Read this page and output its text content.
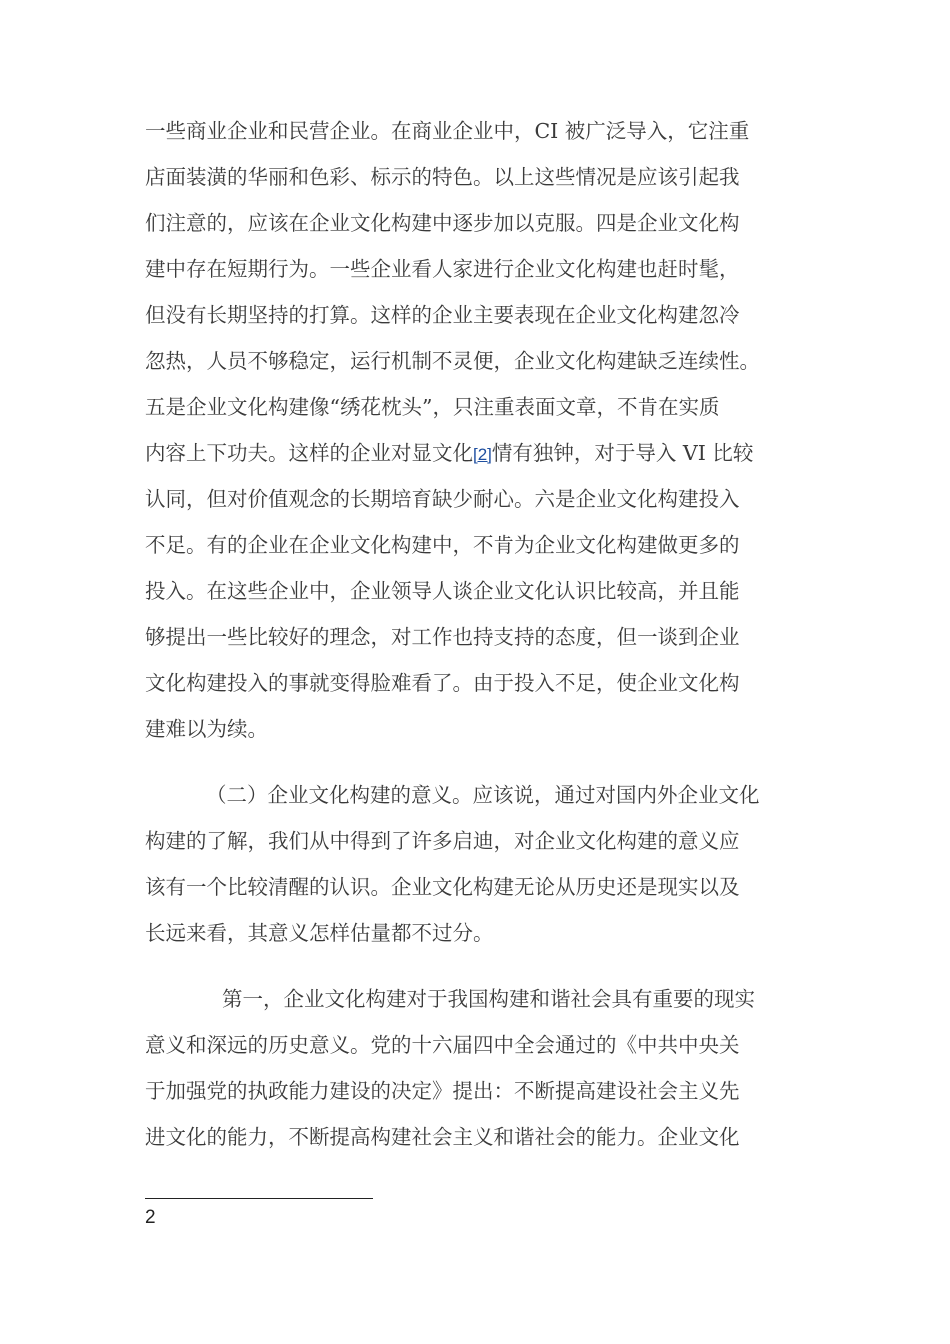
一些商业企业和民营企业。在商业企业中，CI 被广泛导入，它注重
店面装潢的华丽和色彩、标示的特色。以上这些情况是应该引起我
们注意的，应该在企业文化构建中逐步加以克服。四是企业文化构
建中存在短期行为。一些企业看人家进行企业文化构建也赶时髦，
但没有长期坚持的打算。这样的企业主要表现在企业文化构建忽冷
忽热，人员不够稳定，运行机制不灵便，企业文化构建缺乏连续性。
五是企业文化构建像“绣花枕头”，只注重表面文章，不肯在实质
内容上下功夫。这样的企业对显文化[2]情有独钟，对于导入 VI 比较
认同，但对价值观念的长期培育缺少耐心。六是企业文化构建投入
不足。有的企业在企业文化构建中，不肯为企业文化构建做更多的
投入。在这些企业中，企业领导人谈企业文化认识比较高，并且能
够提出一些比较好的理念，对工作也持支持的态度，但一谈到企业
文化构建投入的事就变得脸难看了。由于投入不足，使企业文化构
建难以为续。
（二）企业文化构建的意义。应该说，通过对国内外企业文化
构建的了解，我们从中得到了许多启迪，对企业文化构建的意义应
该有一个比较清醒的认识。企业文化构建无论从历史还是现实以及
长远来看，其意义怎样估量都不过分。
第一，企业文化构建对于我国构建和谐社会具有重要的现实
意义和深远的历史意义。党的十六届四中全会通过的《中共中央关
于加强党的执政能力建设的决定》提出：不断提高建设社会主义先
进文化的能力，不断提高构建社会主义和谐社会的能力。企业文化
2
